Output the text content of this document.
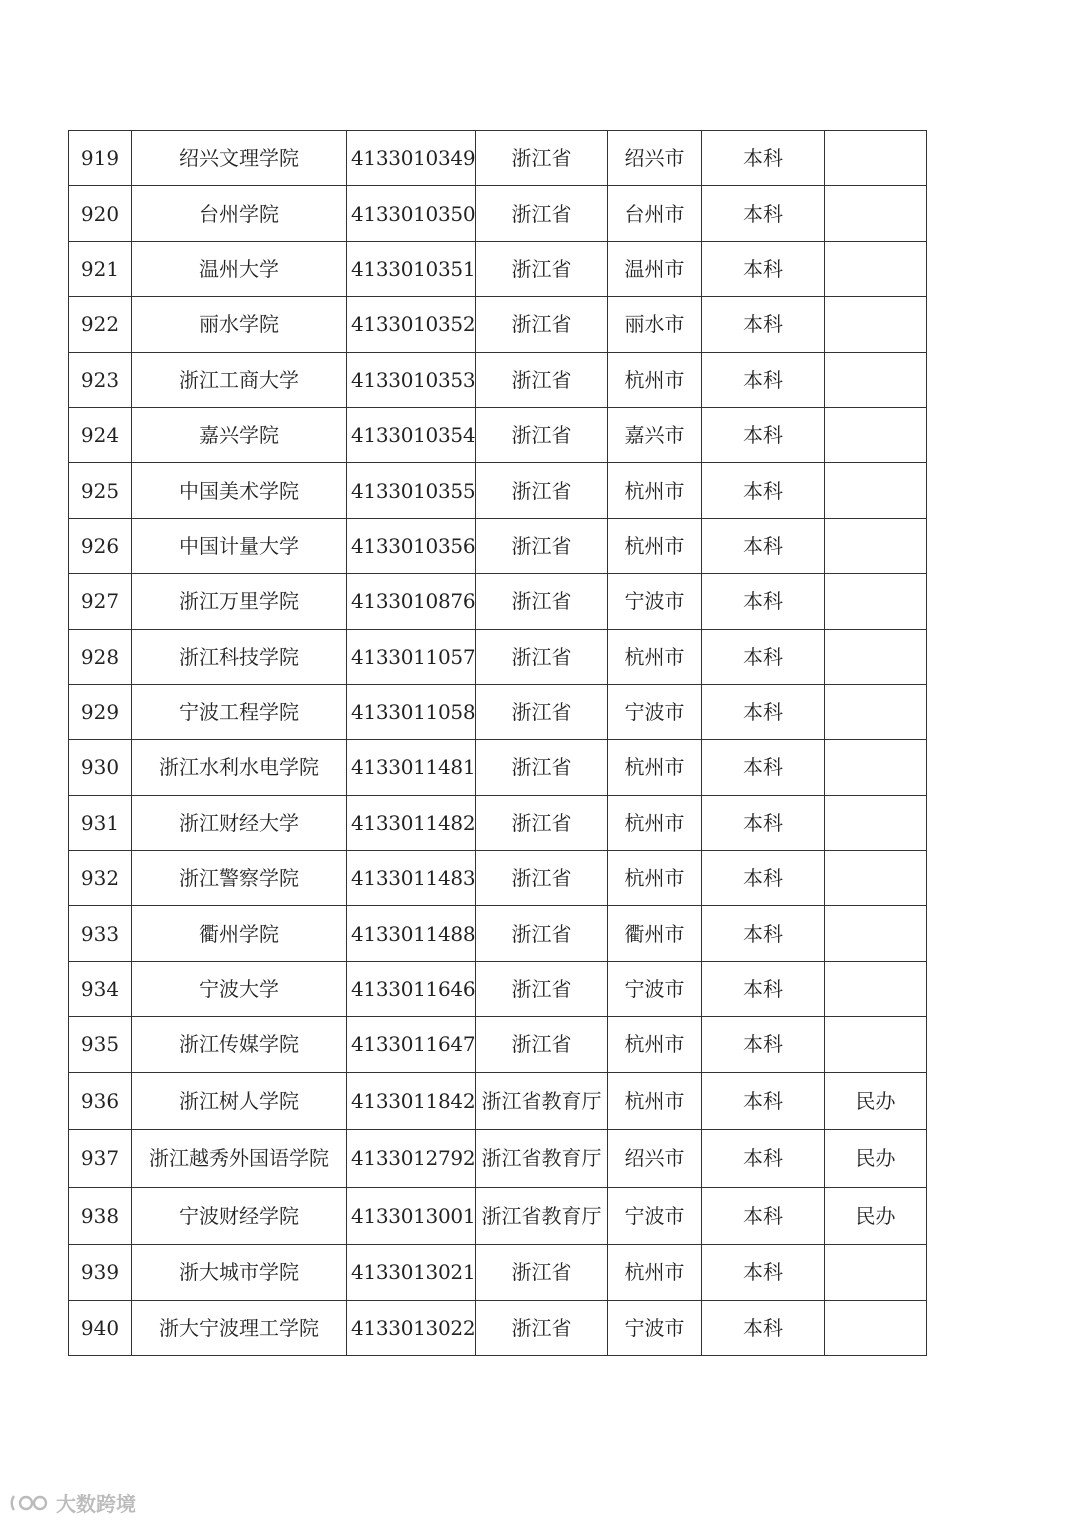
919	绍兴文理学院	4133010349	浙江省	绍兴市	本科	
920	台州学院	4133010350	浙江省	台州市	本科	
921	温州大学	4133010351	浙江省	温州市	本科	
922	丽水学院	4133010352	浙江省	丽水市	本科	
923	浙江工商大学	4133010353	浙江省	杭州市	本科	
924	嘉兴学院	4133010354	浙江省	嘉兴市	本科	
925	中国美术学院	4133010355	浙江省	杭州市	本科	
926	中国计量大学	4133010356	浙江省	杭州市	本科	
927	浙江万里学院	4133010876	浙江省	宁波市	本科	
928	浙江科技学院	4133011057	浙江省	杭州市	本科	
929	宁波工程学院	4133011058	浙江省	宁波市	本科	
930	浙江水利水电学院	4133011481	浙江省	杭州市	本科	
931	浙江财经大学	4133011482	浙江省	杭州市	本科	
932	浙江警察学院	4133011483	浙江省	杭州市	本科	
933	衢州学院	4133011488	浙江省	衢州市	本科	
934	宁波大学	4133011646	浙江省	宁波市	本科	
935	浙江传媒学院	4133011647	浙江省	杭州市	本科	
936	浙江树人学院	4133011842	浙江省教育厅	杭州市	本科	民办
937	浙江越秀外国语学院	4133012792	浙江省教育厅	绍兴市	本科	民办
938	宁波财经学院	4133013001	浙江省教育厅	宁波市	本科	民办
939	浙大城市学院	4133013021	浙江省	杭州市	本科	
940	浙大宁波理工学院	4133013022	浙江省	宁波市	本科	
大数跨境
